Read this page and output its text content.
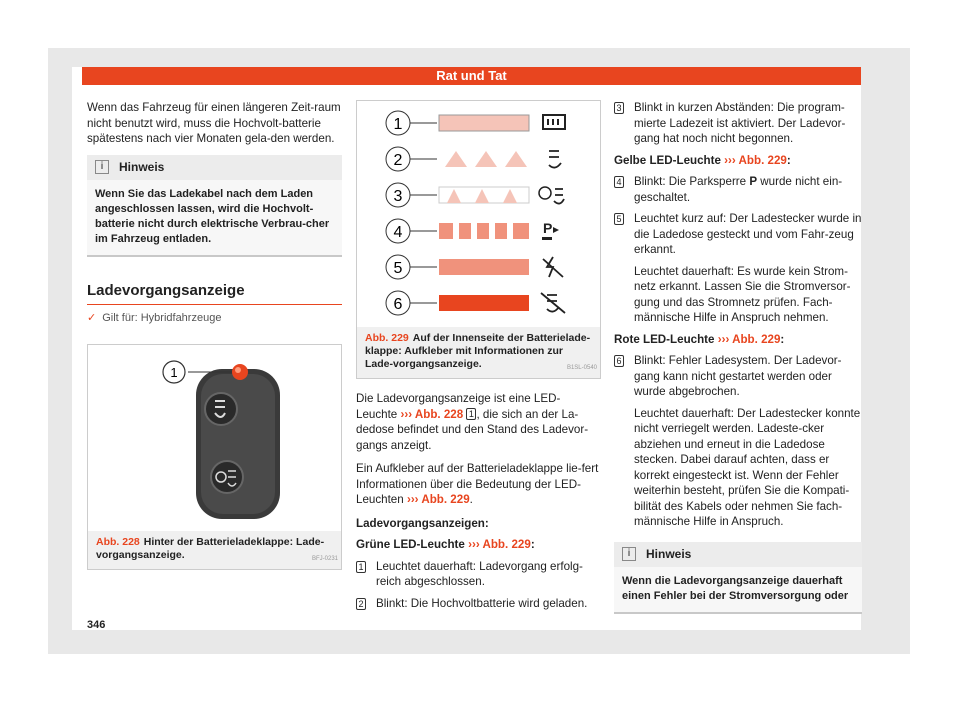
Rat und Tat

Wenn das Fahrzeug für einen längeren Zeit-raum nicht benutzt wird, muss die Hochvolt-batterie spätestens nach vier Monaten gela-den werden.

i	Hinweis
Wenn Sie das Ladekabel nach dem Laden angeschlossen lassen, wird die Hochvolt-batterie nicht durch elektrische Verbrau-cher im Fahrzeug entladen.
Ladevorgangsanzeige
✓ Gilt für: Hybridfahrzeuge
1
BFJ-0231
Abb. 228 Hinter der Batterieladeklappe: Lade-vorgangsanzeige.
1
2
3
4	P
5
6
B1SL-0540
Abb. 229 Auf der Innenseite der Batterielade-klappe: Aufkleber mit Informationen zur Lade-vorgangsanzeige.

Die Ladevorgangsanzeige ist eine LED-Leuchte ››› Abb. 228 1 , die sich an der La-dedose befindet und den Stand des Ladevor-gangs anzeigt.

Ein Aufkleber auf der Batterieladeklappe lie-fert Informationen über die Bedeutung der LED-Leuchten ››› Abb. 229.

Ladevorgangsanzeigen:
Grüne LED-Leuchte ››› Abb. 229:
1 Leuchtet dauerhaft: Ladevorgang erfolg-reich abgeschlossen.
2 Blinkt: Die Hochvoltbatterie wird geladen.
3 Blinkt in kurzen Abständen: Die program-mierte Ladezeit ist aktiviert. Der Ladevor-gang hat noch nicht begonnen.
Gelbe LED-Leuchte ››› Abb. 229:
4 Blinkt: Die Parksperre P wurde nicht ein-geschaltet.
5 Leuchtet kurz auf: Der Ladestecker wurde in die Ladedose gesteckt und vom Fahr-zeug erkannt.
Leuchtet dauerhaft: Es wurde kein Strom-netz erkannt. Lassen Sie die Stromversor-gung und das Stromnetz prüfen. Fach-männische Hilfe in Anspruch nehmen.
Rote LED-Leuchte ››› Abb. 229:
6 Blinkt: Fehler Ladesystem. Der Ladevor-gang kann nicht gestartet werden oder wurde abgebrochen.
Leuchtet dauerhaft: Der Ladestecker konnte nicht verriegelt werden. Ladeste-cker abziehen und erneut in die Ladedose stecken. Dabei darauf achten, dass er korrekt eingesteckt ist. Wenn der Fehler weiterhin besteht, prüfen Sie die Kompati-bilität des Kabels oder nehmen Sie fach-männische Hilfe in Anspruch.
i	Hinweis
Wenn die Ladevorgangsanzeige dauerhaft einen Fehler bei der Stromversorgung oder
346
